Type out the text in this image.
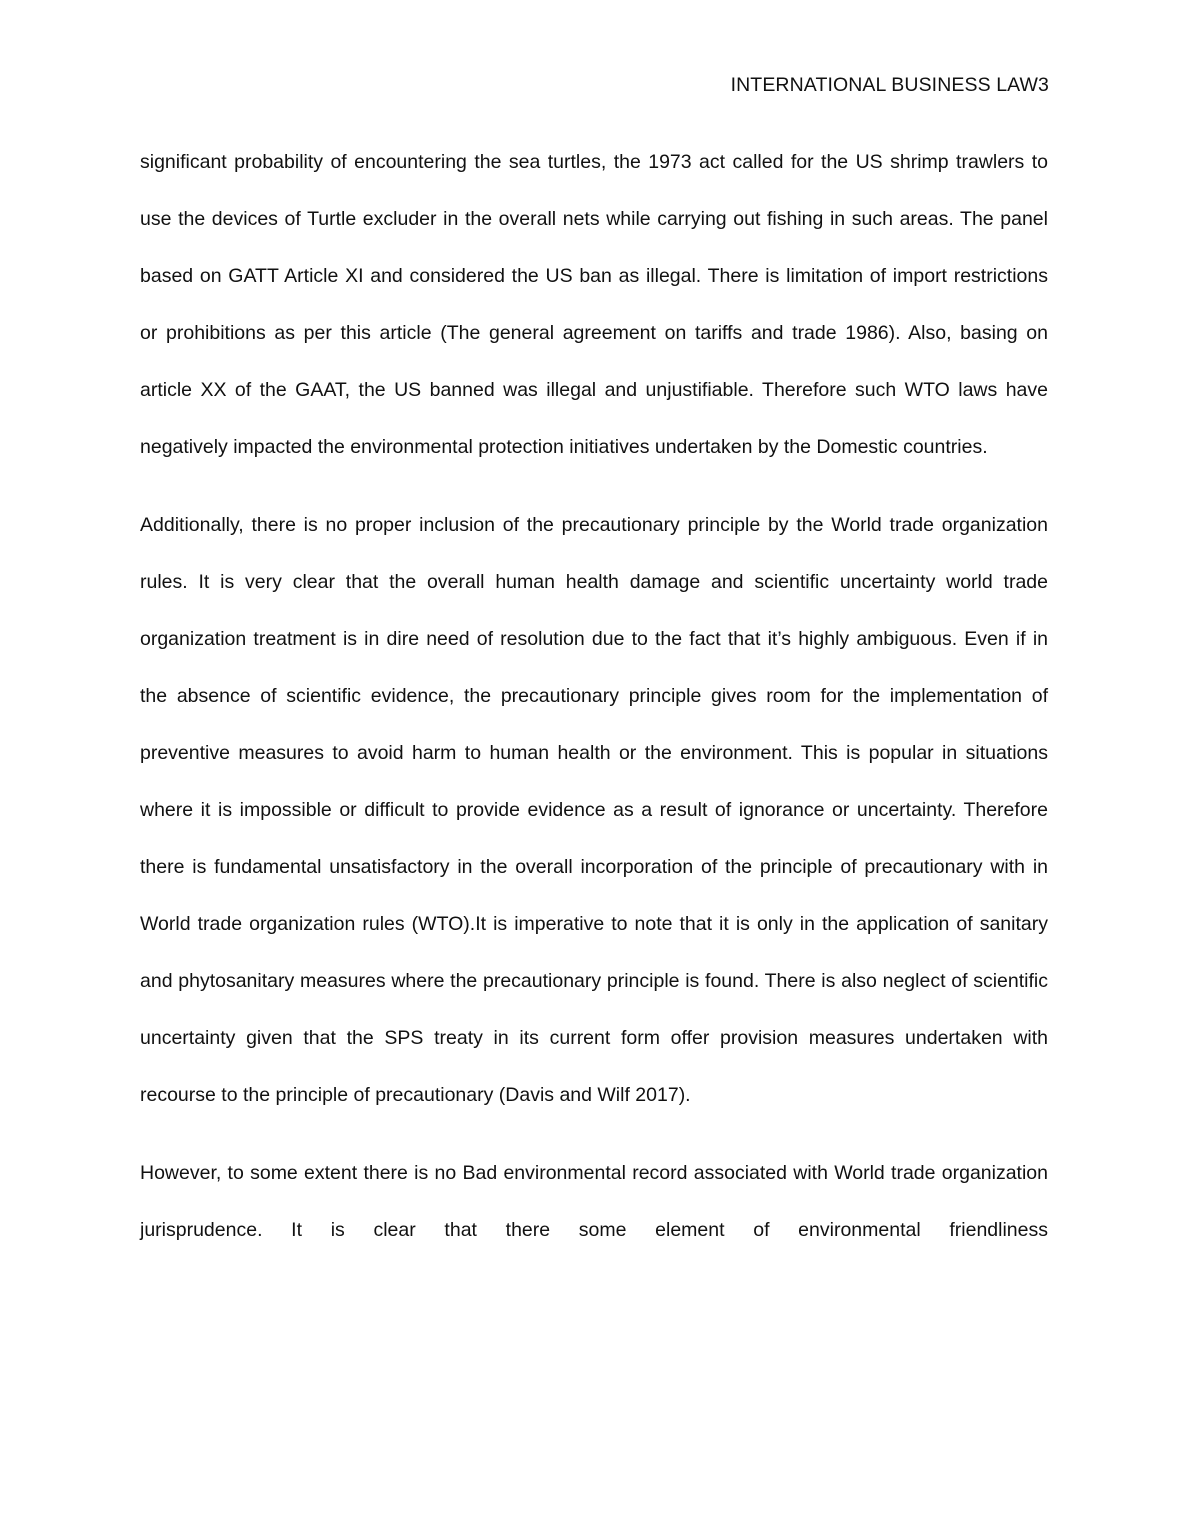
INTERNATIONAL BUSINESS LAW3

significant probability of encountering the sea turtles, the 1973 act called for the US shrimp trawlers to use the devices of Turtle excluder in the overall nets while carrying out fishing in such areas. The panel based on GATT Article XI and considered the US ban as illegal. There is limitation of import restrictions or prohibitions as per this article (The general agreement on tariffs and trade 1986). Also, basing on article XX of the GAAT, the US banned was illegal and unjustifiable. Therefore such WTO laws have negatively impacted the environmental protection initiatives undertaken by the Domestic countries.

Additionally, there is no proper inclusion of the precautionary principle by the World trade organization rules. It is very clear that the overall human health damage and scientific uncertainty world trade organization treatment is in dire need of resolution due to the fact that it’s highly ambiguous. Even if in the absence of scientific evidence, the precautionary principle gives room for the implementation of preventive measures to avoid harm to human health or the environment. This is popular in situations where it is impossible or difficult to provide evidence as a result of ignorance or uncertainty. Therefore there is fundamental unsatisfactory in the overall incorporation of the principle of precautionary with in World trade organization rules (WTO).It is imperative to note that it is only in the application of sanitary and phytosanitary measures where the precautionary principle is found. There is also neglect of scientific uncertainty given that the SPS treaty in its current form offer provision measures undertaken with recourse to the principle of precautionary (Davis and Wilf 2017).

However, to some extent there is no Bad environmental record associated with World trade organization jurisprudence. It is clear that there some element of environmental friendliness
